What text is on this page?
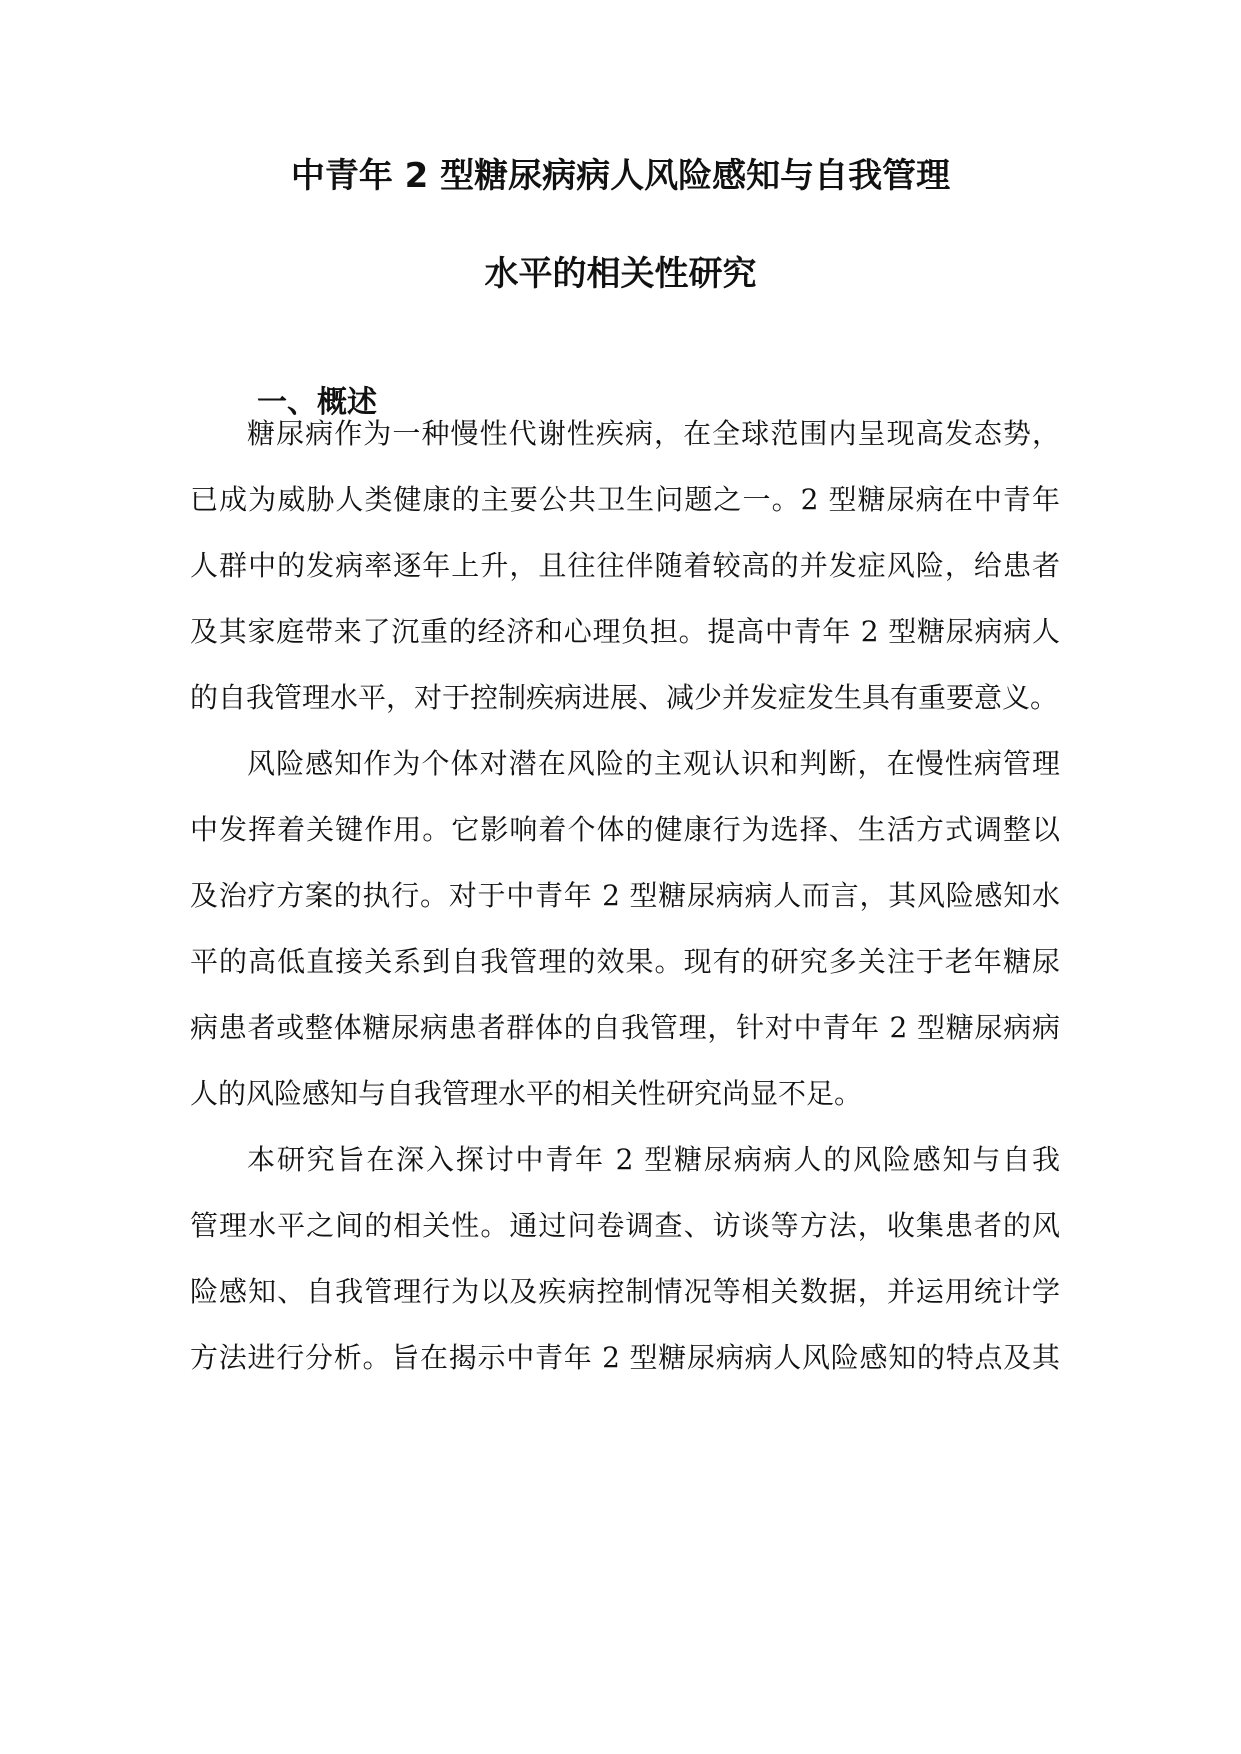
中青年 2 型糖尿病病人风险感知与自我管理
水平的相关性研究
一、概述
糖尿病作为一种慢性代谢性疾病，在全球范围内呈现高发态势，
已成为威胁人类健康的主要公共卫生问题之一。2 型糖尿病在中青年
人群中的发病率逐年上升，且往往伴随着较高的并发症风险，给患者
及其家庭带来了沉重的经济和心理负担。提高中青年 2 型糖尿病病人
的自我管理水平，对于控制疾病进展、减少并发症发生具有重要意义。
风险感知作为个体对潜在风险的主观认识和判断，在慢性病管理
中发挥着关键作用。它影响着个体的健康行为选择、生活方式调整以
及治疗方案的执行。对于中青年 2 型糖尿病病人而言，其风险感知水
平的高低直接关系到自我管理的效果。现有的研究多关注于老年糖尿
病患者或整体糖尿病患者群体的自我管理，针对中青年 2 型糖尿病病
人的风险感知与自我管理水平的相关性研究尚显不足。
本研究旨在深入探讨中青年 2 型糖尿病病人的风险感知与自我
管理水平之间的相关性。通过问卷调查、访谈等方法，收集患者的风
险感知、自我管理行为以及疾病控制情况等相关数据，并运用统计学
方法进行分析。旨在揭示中青年 2 型糖尿病病人风险感知的特点及其
